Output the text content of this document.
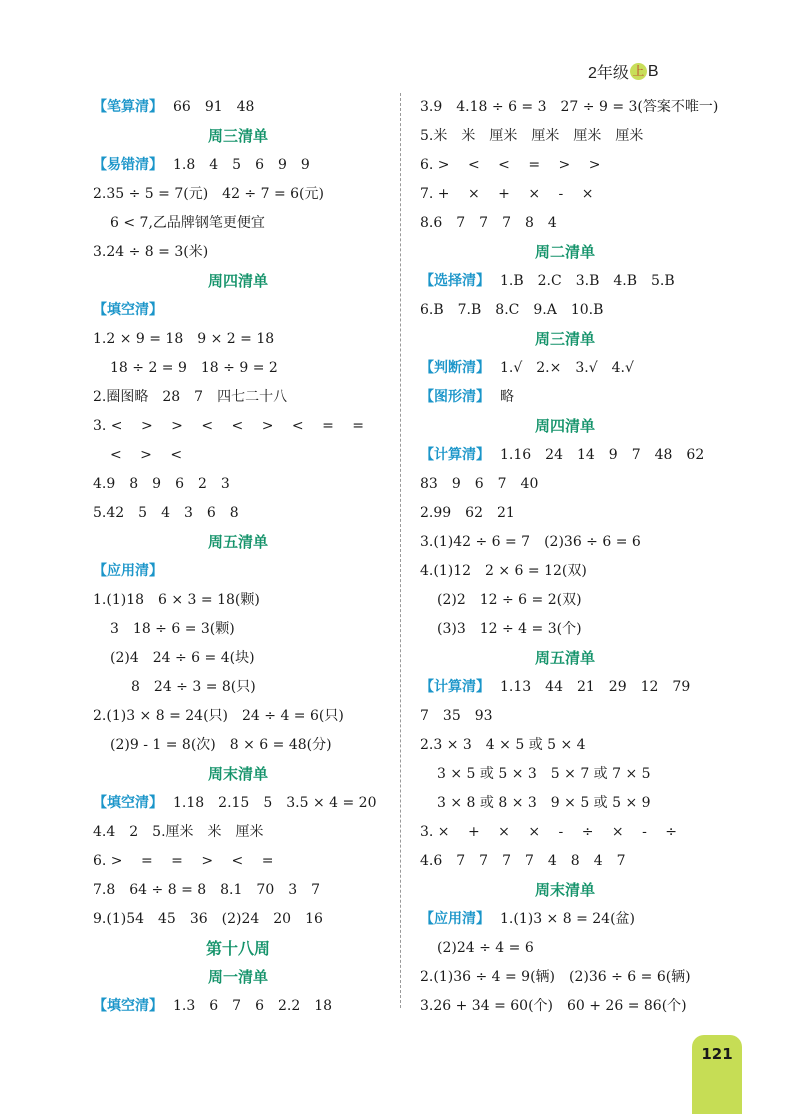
2年级 上 B
【笔算清】 66　91　48
周三清单
【易错清】 1.8　4　5　6　9　9
2.35 ÷ 5 = 7(元)　42 ÷ 7 = 6(元)
6 < 7,乙品牌钢笔更便宜
3.24 ÷ 8 = 3(米)
周四清单
【填空清】
1.2 × 9 = 18　9 × 2 = 18
18 ÷ 2 = 9　18 ÷ 9 = 2
2.圈图略　28　7　四七二十八
3. <　 >　 >　 <　 <　 >　 <　 =　 =
<　 >　 <
4.9　8　9　6　2　3
5.42　5　4　3　6　8
周五清单
【应用清】
1.(1)18　6 × 3 = 18(颗)
3　18 ÷ 6 = 3(颗)
(2)4　24 ÷ 6 = 4(块)
8　24 ÷ 3 = 8(只)
2.(1)3 × 8 = 24(只)　24 ÷ 4 = 6(只)
(2)9 - 1 = 8(次)　8 × 6 = 48(分)
周末清单
【填空清】 1.18　2.15　5　3.5 × 4 = 20
4.4　2　5.厘米　米　厘米
6. >　 =　 =　 >　 <　 =
7.8　64 ÷ 8 = 8　8.1　70　3　7
9.(1)54　45　36　(2)24　20　16
第十八周
周一清单
【填空清】 1.3　6　7　6　2.2　18
3.9　4.18 ÷ 6 = 3　27 ÷ 9 = 3(答案不唯一)
5.米　米　厘米　厘米　厘米　厘米
6. >　 <　 <　 =　 >　 >
7. +　 ×　 +　 ×　 -　 ×
8.6　7　7　7　8　4
周二清单
【选择清】 1.B　2.C　3.B　4.B　5.B
6.B　7.B　8.C　9.A　10.B
周三清单
【判断清】 1.√　2.×　3.√　4.√
【图形清】 略
周四清单
【计算清】 1.16　24　14　9　7　48　62
83　9　6　7　40
2.99　62　21
3.(1)42 ÷ 6 = 7　(2)36 ÷ 6 = 6
4.(1)12　2 × 6 = 12(双)
(2)2　12 ÷ 6 = 2(双)
(3)3　12 ÷ 4 = 3(个)
周五清单
【计算清】 1.13　44　21　29　12　79
7　35　93
2.3 × 3　4 × 5 或 5 × 4
3 × 5 或 5 × 3　5 × 7 或 7 × 5
3 × 8 或 8 × 3　9 × 5 或 5 × 9
3. ×　 +　 ×　 ×　 -　 ÷　 ×　 -　 ÷
4.6　7　7　7　7　4　8　4　7
周末清单
【应用清】 1.(1)3 × 8 = 24(盆)
(2)24 ÷ 4 = 6
2.(1)36 ÷ 4 = 9(辆)　(2)36 ÷ 6 = 6(辆)
3.26 + 34 = 60(个)　60 + 26 = 86(个)
121
